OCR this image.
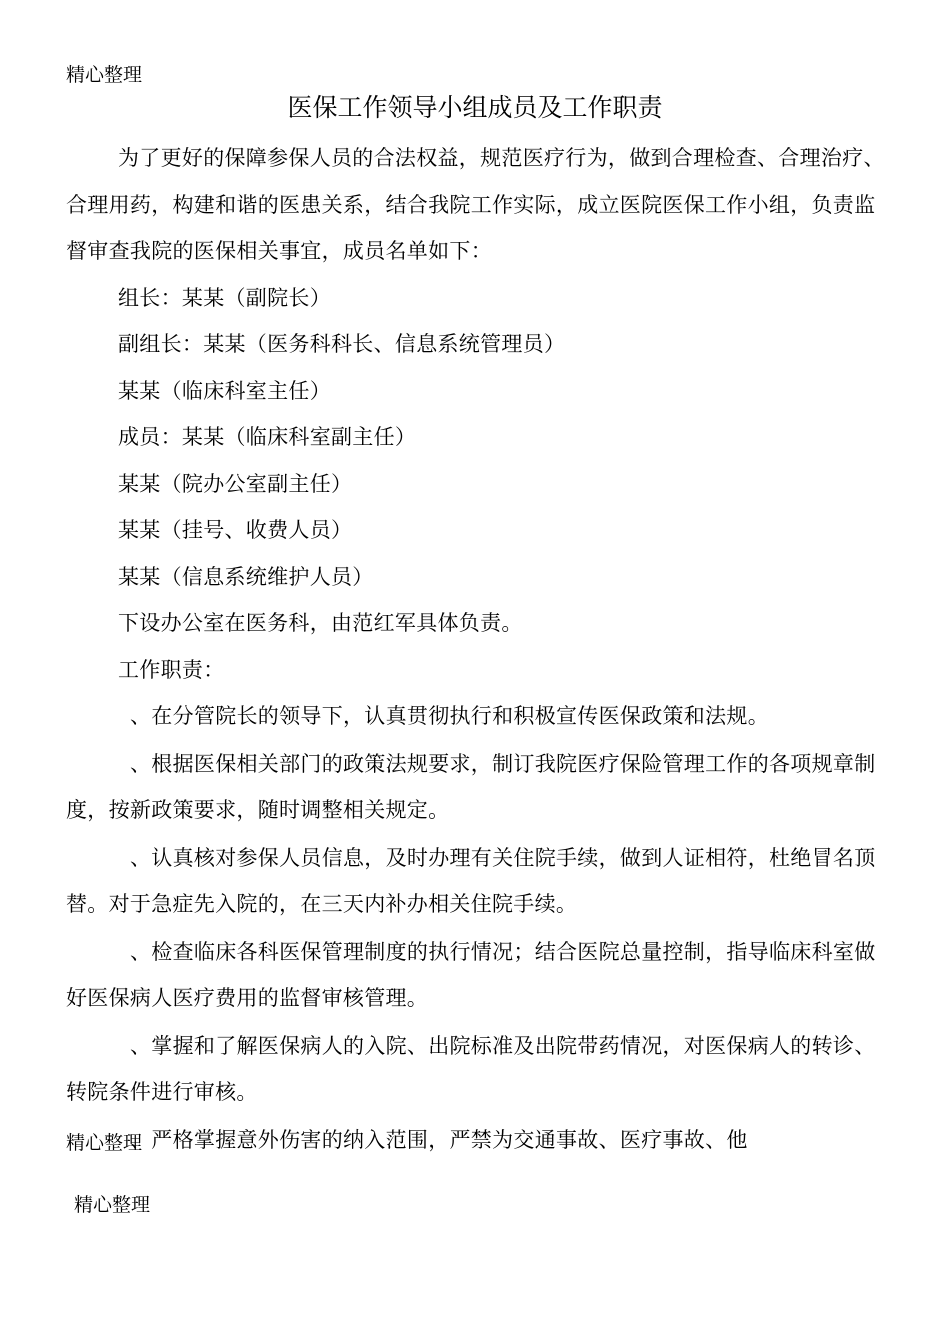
精心整理
医保工作领导小组成员及工作职责

为了更好的保障参保人员的合法权益，规范医疗行为，做到合理检查、合理治疗、合理用药，构建和谐的医患关系，结合我院工作实际，成立医院医保工作小组，负责监督审查我院的医保相关事宜，成员名单如下：

组长：某某（副院长）

副组长：某某（医务科科长、信息系统管理员）

某某（临床科室主任）

成员：某某（临床科室副主任）

某某（院办公室副主任）

某某（挂号、收费人员）

某某（信息系统维护人员）

下设办公室在医务科，由范红军具体负责。

工作职责：

、在分管院长的领导下，认真贯彻执行和积极宣传医保政策和法规。

、根据医保相关部门的政策法规要求，制订我院医疗保险管理工作的各项规章制度，按新政策要求，随时调整相关规定。

、认真核对参保人员信息，及时办理有关住院手续，做到人证相符，杜绝冒名顶替。对于急症先入院的，在三天内补办相关住院手续。

、检查临床各科医保管理制度的执行情况；结合医院总量控制，指导临床科室做好医保病人医疗费用的监督审核管理。

、掌握和了解医保病人的入院、出院标准及出院带药情况，对医保病人的转诊、转院条件进行审核。

、严格掌握意外伤害的纳入范围，严禁为交通事故、医疗事故、他

精心整理
精心整理
